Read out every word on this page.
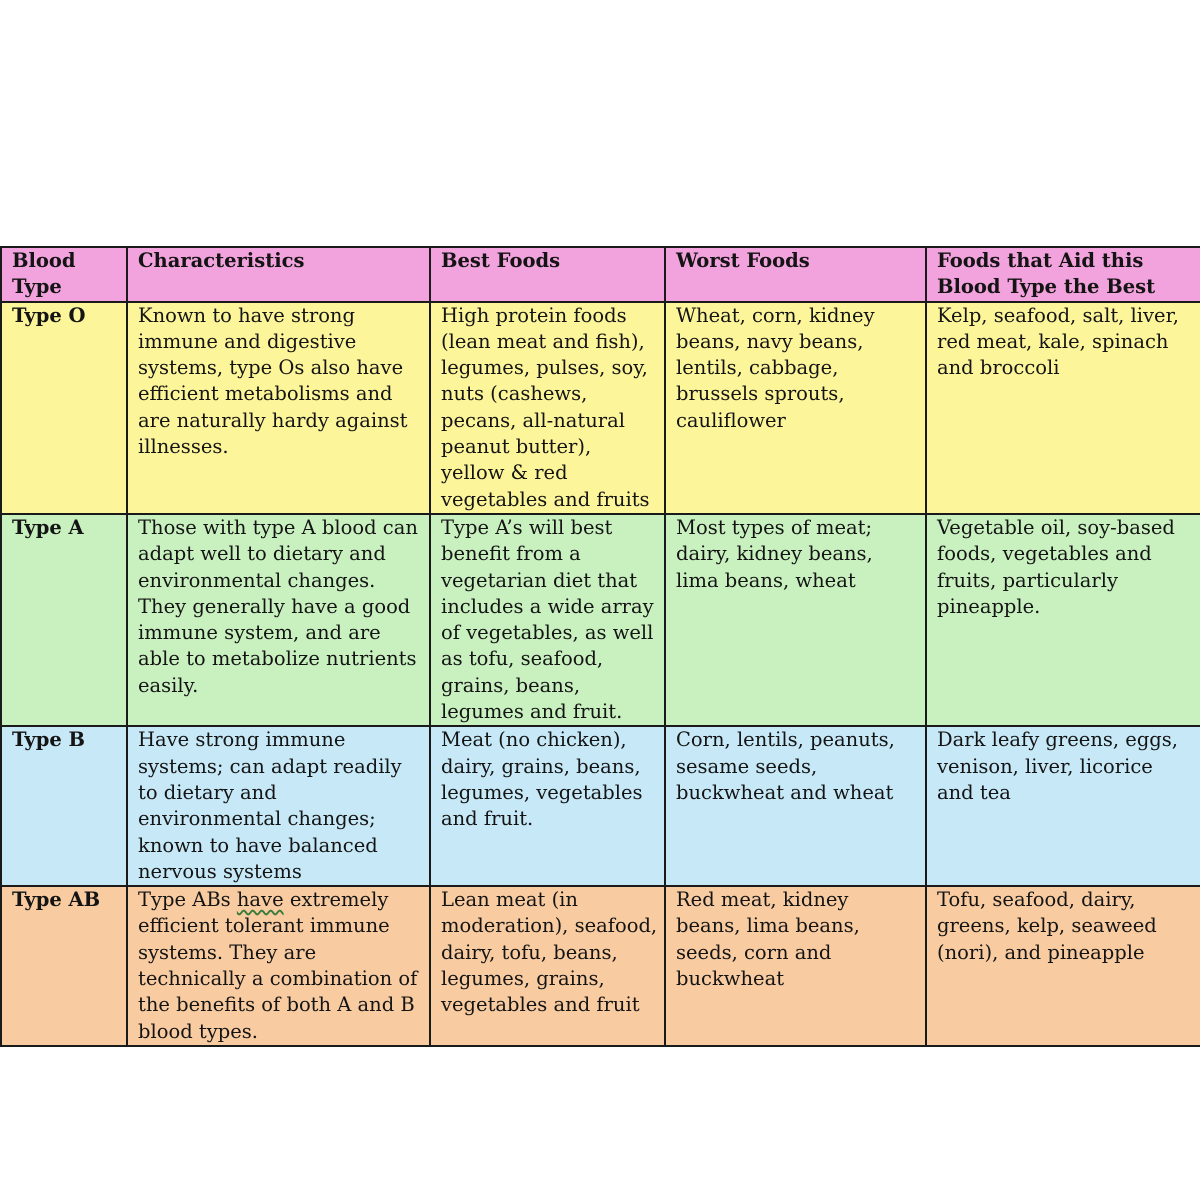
Blood Type	Characteristics	Best Foods	Worst Foods	Foods that Aid this Blood Type the Best
Type O	Known to have strong immune and digestive systems, type Os also have efficient metabolisms and are naturally hardy against illnesses.	High protein foods (lean meat and fish), legumes, pulses, soy, nuts (cashews, pecans, all-natural peanut butter), yellow & red vegetables and fruits	Wheat, corn, kidney beans, navy beans, lentils, cabbage, brussels sprouts, cauliflower	Kelp, seafood, salt, liver, red meat, kale, spinach and broccoli
Type A	Those with type A blood can adapt well to dietary and environmental changes. They generally have a good immune system, and are able to metabolize nutrients easily.	Type A’s will best benefit from a vegetarian diet that includes a wide array of vegetables, as well as tofu, seafood, grains, beans, legumes and fruit.	Most types of meat; dairy, kidney beans, lima beans, wheat	Vegetable oil, soy-based foods, vegetables and fruits, particularly pineapple.
Type B	Have strong immune systems; can adapt readily to dietary and environmental changes; known to have balanced nervous systems	Meat (no chicken), dairy, grains, beans, legumes, vegetables and fruit.	Corn, lentils, peanuts, sesame seeds, buckwheat and wheat	Dark leafy greens, eggs, venison, liver, licorice and tea
Type AB	Type ABs have extremely efficient tolerant immune systems. They are technically a combination of the benefits of both A and B blood types.	Lean meat (in moderation), seafood, dairy, tofu, beans, legumes, grains, vegetables and fruit	Red meat, kidney beans, lima beans, seeds, corn and buckwheat	Tofu, seafood, dairy, greens, kelp, seaweed (nori), and pineapple
